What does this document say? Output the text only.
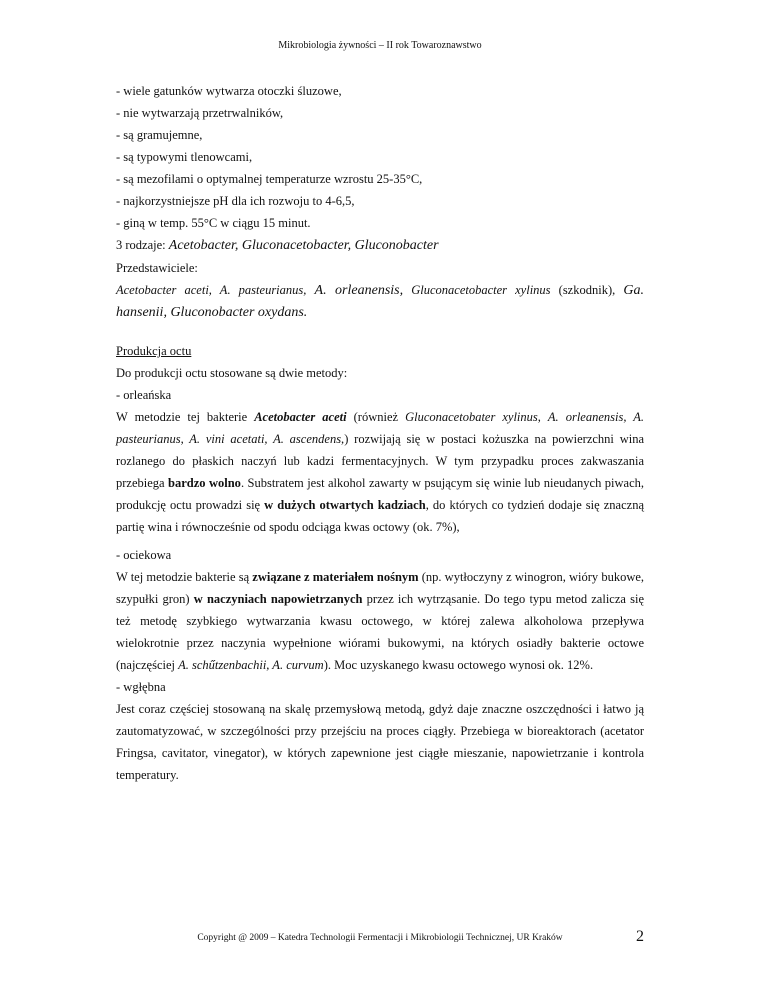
Mikrobiologia żywności – II rok Towaroznawstwo
- wiele gatunków wytwarza otoczki śluzowe,
- nie wytwarzają przetrwalników,
- są gramujemne,
- są typowymi tlenowcami,
- są mezofilami o optymalnej temperaturze wzrostu 25-35°C,
- najkorzystniejsze pH dla ich rozwoju to 4-6,5,
- giną w temp. 55°C w ciągu 15 minut.
3 rodzaje: Acetobacter, Gluconacetobacter, Gluconobacter
Przedstawiciele:
Acetobacter aceti, A. pasteurianus, A. orleanensis, Gluconacetobacter xylinus (szkodnik), Ga.
hansenii, Gluconobacter oxydans.
Produkcja octu
Do produkcji octu stosowane są dwie metody:
- orleańska
W metodzie tej bakterie Acetobacter aceti (również Gluconacetobater xylinus, A. orleanensis, A. pasteurianus, A. vini acetati, A. ascendens,) rozwijają się w postaci kożuszka na powierzchni wina rozlanego do płaskich naczyń lub kadzi fermentacyjnych. W tym przypadku proces zakwaszania przebiega bardzo wolno. Substratem jest alkohol zawarty w psującym się winie lub nieudanych piwach, produkcję octu prowadzi się w dużych otwartych kadziach, do których co tydzień dodaje się znaczną partię wina i równocześnie od spodu odciąga kwas octowy (ok. 7%),
- ociekowa
W tej metodzie bakterie są związane z materiałem nośnym (np. wytłoczyny z winogron, wióry bukowe, szypułki gron) w naczyniach napowietrzanych przez ich wytrząsanie. Do tego typu metod zalicza się też metodę szybkiego wytwarzania kwasu octowego, w której zalewa alkoholowa przepływa wielokrotnie przez naczynia wypełnione wiórami bukowymi, na których osiadły bakterie octowe (najczęściej A. schűtzenbachii, A. curvum). Moc uzyskanego kwasu octowego wynosi ok. 12%.
- wgłębna
Jest coraz częściej stosowaną na skalę przemysłową metodą, gdyż daje znaczne oszczędności i łatwo ją zautomatyzować, w szczególności przy przejściu na proces ciągły. Przebiega w bioreaktorach (acetator Fringsa, cavitator, vinegator), w których zapewnione jest ciągłe mieszanie, napowietrzanie i kontrola temperatury.
Copyright @ 2009 – Katedra Technologii Fermentacji i Mikrobiologii Technicznej, UR Kraków	2
